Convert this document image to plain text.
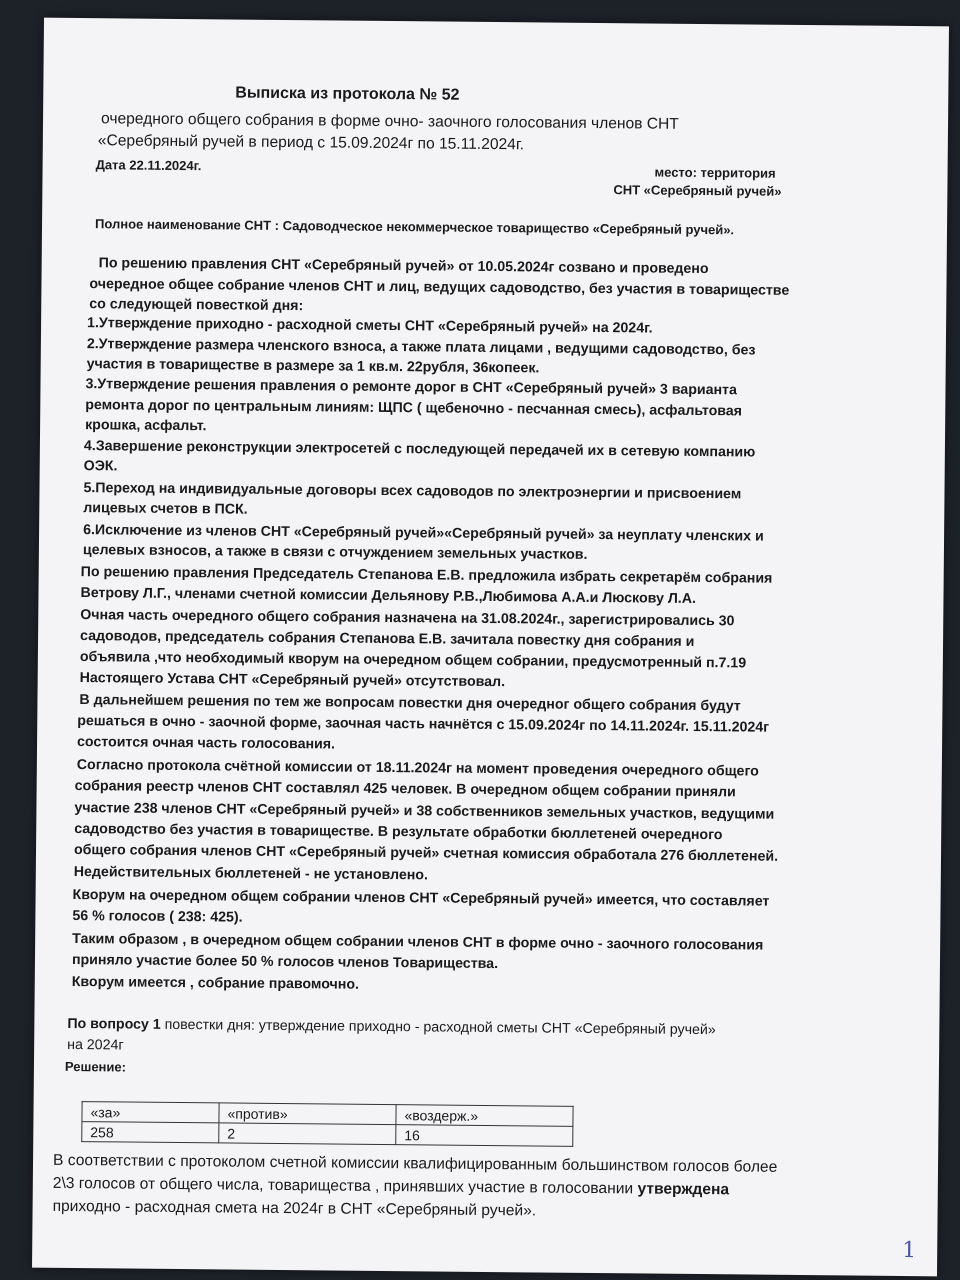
Выписка из протокола № 52
очередного общего собрания в форме очно- заочного голосования членов СНТ
«Серебряный ручей в период с 15.09.2024г по 15.11.2024г.
Дата 22.11.2024г.	место: территория
СНТ «Серебряный ручей»
Полное наименование СНТ : Садоводческое некоммерческое товарищество «Серебряный ручей».
По решению правления СНТ «Серебряный ручей» от 10.05.2024г созвано и проведено
очередное общее собрание членов СНТ и лиц, ведущих садоводство, без участия в товариществе
со следующей повесткой дня:
1.Утверждение приходно - расходной сметы СНТ «Серебряный ручей» на 2024г.
2.Утверждение размера членского взноса, а также плата лицами , ведущими садоводство, без
участия в товариществе в размере за 1 кв.м. 22рубля, 36копеек.
3.Утверждение решения правления о ремонте дорог в СНТ «Серебряный ручей» 3 варианта
ремонта дорог по центральным линиям: ЩПС ( щебеночно - песчанная смесь), асфальтовая
крошка, асфальт.
4.Завершение реконструкции электросетей с последующей передачей их в сетевую компанию
ОЭК.
5.Переход на индивидуальные договоры всех садоводов по электроэнергии и присвоением
лицевых счетов в ПСК.
6.Исключение из членов СНТ «Серебряный ручей»«Серебряный ручей» за неуплату членских и
целевых взносов, а также в связи с отчуждением земельных участков.
По решению правления Председатель Степанова Е.В. предложила избрать секретарём собрания
Ветрову Л.Г., членами счетной комиссии Дельянову Р.В.,Любимова А.А.и Люскову Л.А.
Очная часть очередного общего собрания назначена на 31.08.2024г., зарегистрировались 30
садоводов, председатель собрания Степанова Е.В. зачитала повестку дня собрания и
объявила ,что необходимый кворум на очередном общем собрании, предусмотренный п.7.19
Настоящего Устава СНТ «Серебряный ручей» отсутствовал.
В дальнейшем решения по тем же вопросам повестки дня очередног общего собрания будут
решаться в очно - заочной форме, заочная часть начнётся с 15.09.2024г по 14.11.2024г. 15.11.2024г
состоится очная часть голосования.
Согласно протокола счётной комиссии от 18.11.2024г на момент проведения очередного общего
собрания реестр членов СНТ составлял 425 человек. В очередном общем собрании приняли
участие 238 членов СНТ «Серебряный ручей» и 38 собственников земельных участков, ведущими
садоводство без участия в товариществе. В результате обработки бюллетеней очередного
общего собрания членов СНТ «Серебряный ручей» счетная комиссия обработала 276 бюллетеней.
Недействительных бюллетеней - не установлено.
Кворум на очередном общем собрании членов СНТ «Серебряный ручей» имеется, что составляет
56 % голосов ( 238: 425).
Таким образом , в очередном общем собрании членов СНТ в форме очно - заочного голосования
приняло участие более 50 % голосов членов Товарищества.
Кворум имеется , собрание правомочно.
По вопросу 1 повестки дня: утверждение приходно - расходной сметы СНТ «Серебряный ручей»
на 2024г
Решение:
«за»	«против»	«воздерж.»
258	2	16
В соответствии с протоколом счетной комиссии квалифицированным большинством голосов более
2\3 голосов от общего числа, товарищества , принявших участие в голосовании утверждена
приходно - расходная смета на 2024г в СНТ «Серебряный ручей».
1
